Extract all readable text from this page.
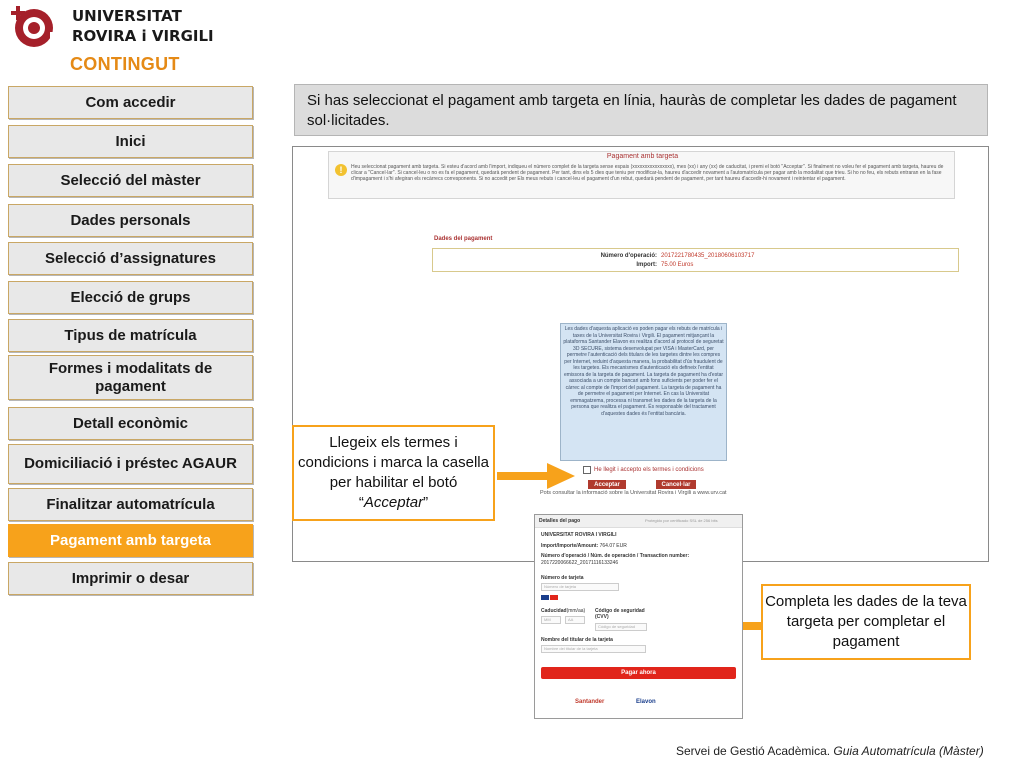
UNIVERSITAT
ROVIRA i VIRGILI
CONTINGUT
Com accedir
Inici
Selecció del màster
Dades personals
Selecció d’assignatures
Elecció de grups
Tipus de matrícula
Formes i modalitats de pagament
Detall econòmic
Domiciliació i préstec AGAUR
Finalitzar automatrícula
Pagament amb targeta
Imprimir o desar
Si has seleccionat el pagament amb targeta en línia, hauràs de completar les dades de pagament sol·licitades.
Pagament amb targeta
!	Heu seleccionat pagament amb targeta. Si esteu d'acord amb l'import, indiqueu el número complet de la targeta sense espais (xxxxxxxxxxxxxxxx), mes (xx) i any (xx) de caducitat, i premi el botó "Acceptar". Si finalment no voleu fer el pagament amb targeta, haureu de clicar a "Cancel·lar". Si cancel·leu o no es fa el pagament, quedarà pendent de pagament. Per tant, dins els 5 dies que teniu per modificar-la, haureu d'accedir novament a l'automatrícula per pagar amb la modalitat que trieu. Si ho no feu, els rebuts entraran en la fase d'impagament i s'hi afegiran els recàrrecs corresponents. Si no accedit per Els meus rebuts i cancel·leu el pagament d'un rebut, quedarà pendent de pagament, per tant haureu d'accedir-hi novament i reintentar el pagament.
Dades del pagament
Número d'operació: 2017221780435_20180606103717
Import: 75.00 Euros
Les dades d'aquesta aplicació es poden pagar els rebuts de matrícula i taxes de la Universitat Rovira i Virgili. El pagament mitjançant la plataforma Santander Elavon es realitza d'acord al protocol de seguretat 3D SECURE, sistema desenvolupat per VISA i MasterCard, per permetre l'autenticació dels titulars de les targetes dintre les compres per Internet, reduint d'aquesta manera, la probabilitat d'ús fraudulent de les targetes. Els mecanismes d'autenticació els defineix l'entitat emissora de la targeta de pagament. La targeta de pagament ha d'estar associada a un compte bancari amb fons suficients per poder fer el càrrec al compte de l'import del pagament. La targeta de pagament ha de permetre el pagament per Internet. En cas la Universitat emmagatzema, processa ni transmet les dades de la targeta de la persona que realitza el pagament. És responsable del tractament d'aquestes dades és l'entitat bancària.
He llegit i accepto els termes i condicions
Acceptar	Cancel·lar
Pots consultar la informació sobre la Universitat Rovira i Virgili a www.urv.cat
Llegeix els termes i condicions i marca la casella per habilitar el botó “Acceptar”
Completa les dades de la teva targeta per completar el pagament
Detalles del pago	Protegido por certificado SSL de 256 bits
UNIVERSITAT ROVIRA I VIRGILI
Import/Importe/Amount: 764.07 EUR
Número d'operació / Núm. de operación / Transaction number:
2017220066622_20171116133246
Número de tarjeta
Número de tarjeta

Caducidad(mm/aa)
MM	AA
Código de seguridad (CVV)
Código de seguridad
Nombre del titular de la tarjeta
Nombre del titular de la tarjeta
Pagar ahora
Santander	Elavon
Servei de Gestió Acadèmica. Guia Automatrícula (Màster)
